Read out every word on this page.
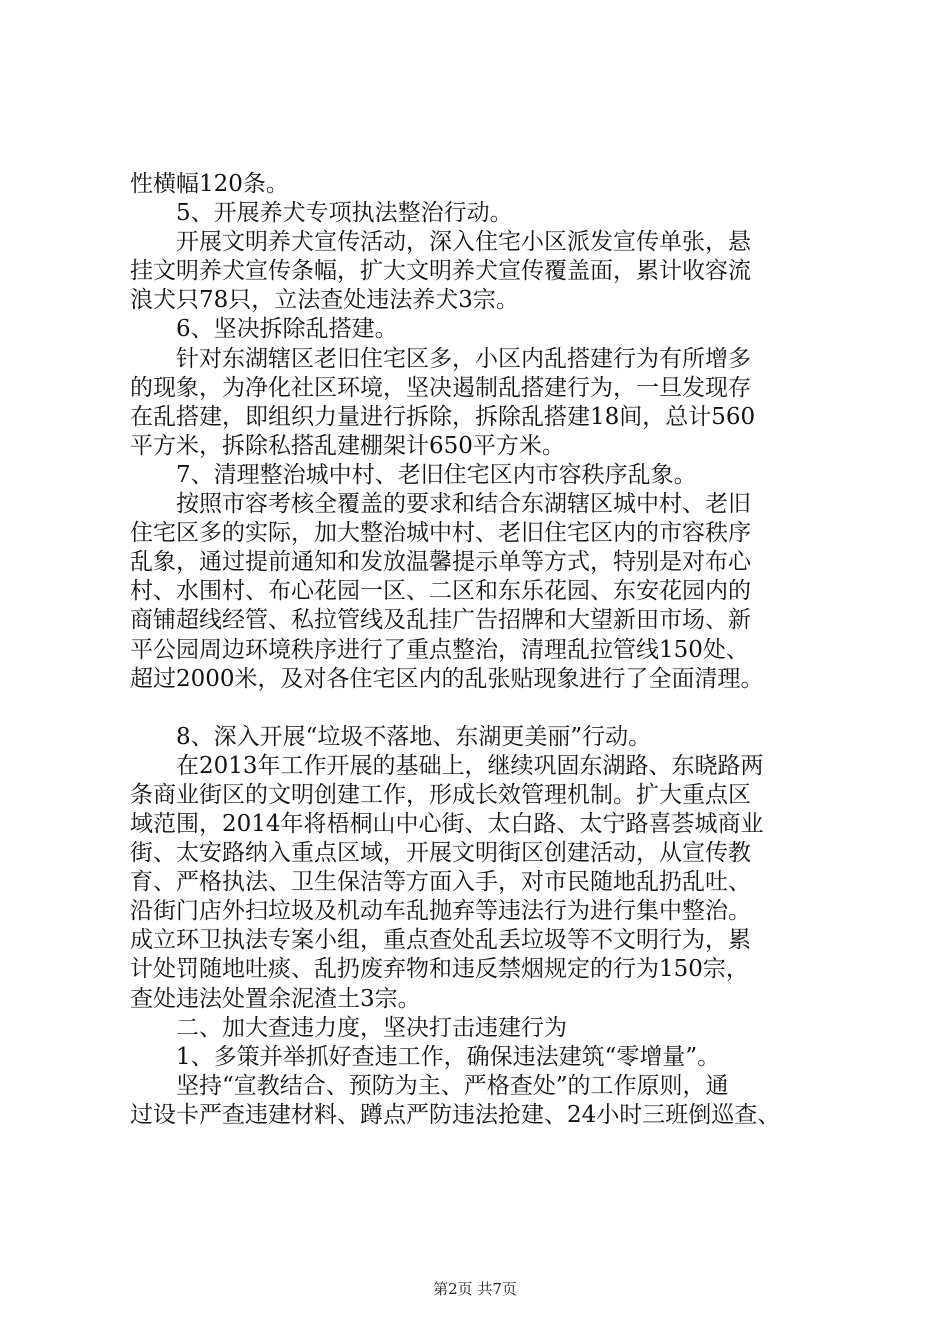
性横幅120条。
5、开展养犬专项执法整治行动。
开展文明养犬宣传活动，深入住宅小区派发宣传单张，悬
挂文明养犬宣传条幅，扩大文明养犬宣传覆盖面，累计收容流
浪犬只78只，立法查处违法养犬3宗。
6、坚决拆除乱搭建。
针对东湖辖区老旧住宅区多，小区内乱搭建行为有所增多
的现象，为净化社区环境，坚决遏制乱搭建行为，一旦发现存
在乱搭建，即组织力量进行拆除，拆除乱搭建18间，总计560
平方米，拆除私搭乱建棚架计650平方米。
7、清理整治城中村、老旧住宅区内市容秩序乱象。
按照市容考核全覆盖的要求和结合东湖辖区城中村、老旧
住宅区多的实际，加大整治城中村、老旧住宅区内的市容秩序
乱象，通过提前通知和发放温馨提示单等方式，特别是对布心
村、水围村、布心花园一区、二区和东乐花园、东安花园内的
商铺超线经管、私拉管线及乱挂广告招牌和大望新田市场、新
平公园周边环境秩序进行了重点整治，清理乱拉管线150处、
超过2000米，及对各住宅区内的乱张贴现象进行了全面清理。
8、深入开展“垃圾不落地、东湖更美丽”行动。
在2013年工作开展的基础上，继续巩固东湖路、东晓路两
条商业街区的文明创建工作，形成长效管理机制。扩大重点区
域范围，2014年将梧桐山中心街、太白路、太宁路喜荟城商业
街、太安路纳入重点区域，开展文明街区创建活动，从宣传教
育、严格执法、卫生保洁等方面入手，对市民随地乱扔乱吐、
沿街门店外扫垃圾及机动车乱抛弃等违法行为进行集中整治。
成立环卫执法专案小组，重点查处乱丢垃圾等不文明行为，累
计处罚随地吐痰、乱扔废弃物和违反禁烟规定的行为150宗，
查处违法处置余泥渣土3宗。
二、加大查违力度，坚决打击违建行为
1、多策并举抓好查违工作，确保违法建筑“零增量”。
坚持“宣教结合、预防为主、严格查处”的工作原则，通
过设卡严查违建材料、蹲点严防违法抢建、24小时三班倒巡查、
第2页 共7页
